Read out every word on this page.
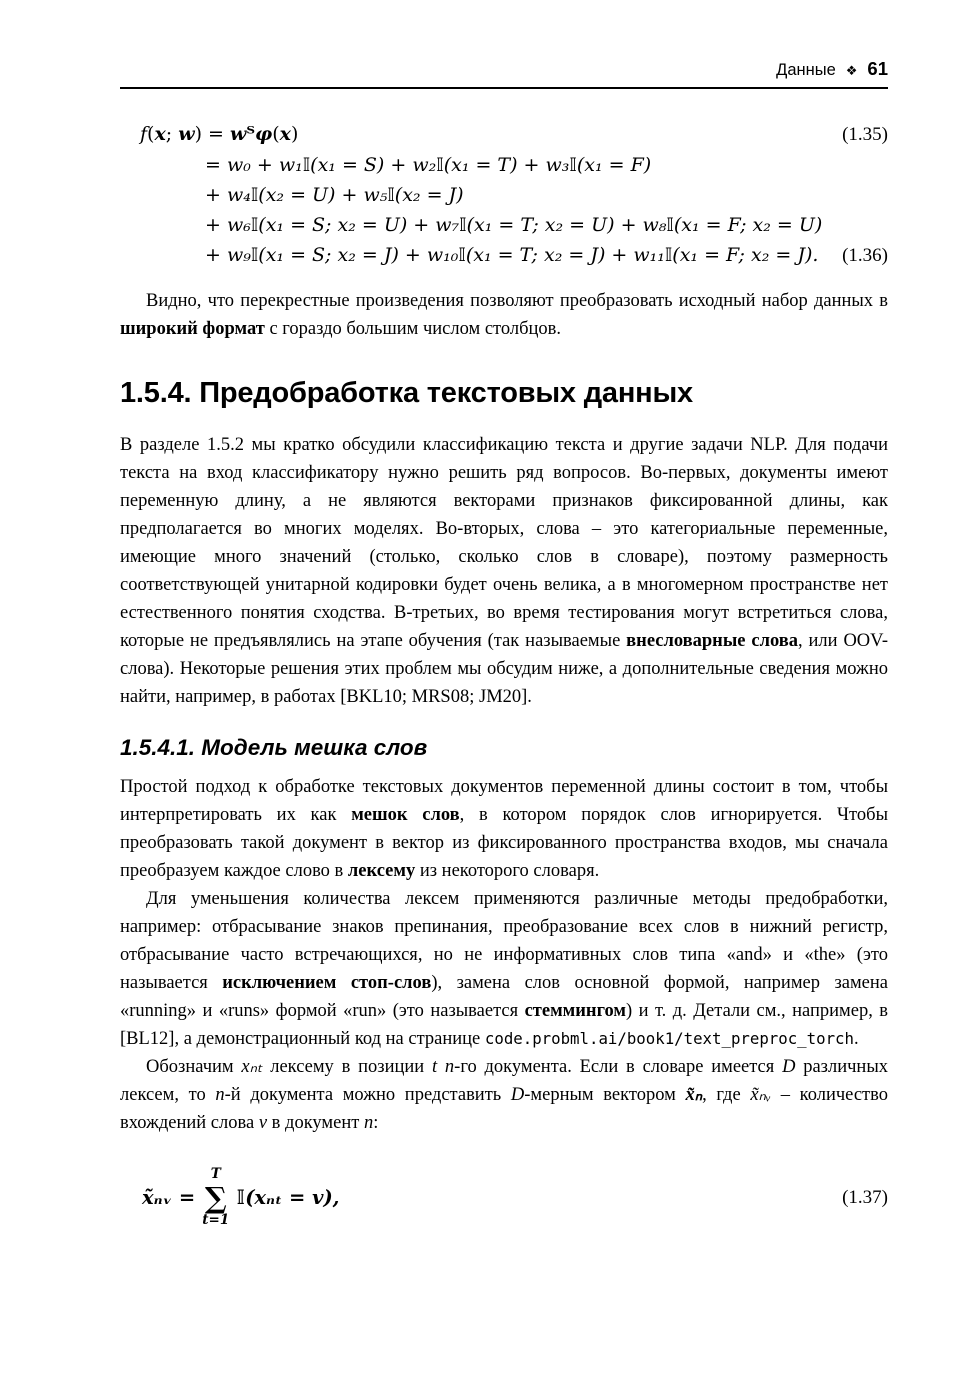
Данные ❖ 61
f(x; w) = wᵀφ(x)	(1.35)
= w₀ + w₁𝕀(x₁ = S) + w₂𝕀(x₁ = T) + w₃𝕀(x₁ = F)
+ w₄𝕀(x₂ = U) + w₅𝕀(x₂ = J)
+ w₆𝕀(x₁ = S; x₂ = U) + w₇𝕀(x₁ = T; x₂ = U) + w₈𝕀(x₁ = F; x₂ = U)
+ w₉𝕀(x₁ = S; x₂ = J) + w₁₀𝕀(x₁ = T; x₂ = J) + w₁₁𝕀(x₁ = F; x₂ = J).	(1.36)

Видно, что перекрестные произведения позволяют преобразовать исходный набор данных в широкий формат с гораздо большим числом столбцов.

1.5.4. Предобработка текстовых данных

В разделе 1.5.2 мы кратко обсудили классификацию текста и другие задачи NLP. Для подачи текста на вход классификатору нужно решить ряд вопросов. Во-первых, документы имеют переменную длину, а не являются векторами признаков фиксированной длины, как предполагается во многих моделях. Во-вторых, слова – это категориальные переменные, имеющие много значений (столько, сколько слов в словаре), поэтому размерность соответствующей унитарной кодировки будет очень велика, а в многомерном пространстве нет естественного понятия сходства. В-третьих, во время тестирования могут встретиться слова, которые не предъявлялись на этапе обучения (так называемые внесловарные слова, или OOV-слова). Некоторые решения этих проблем мы обсудим ниже, а дополнительные сведения можно найти, например, в работах [BKL10; MRS08; JM20].

1.5.4.1. Модель мешка слов

Простой подход к обработке текстовых документов переменной длины состоит в том, чтобы интерпретировать их как мешок слов, в котором порядок слов игнорируется. Чтобы преобразовать такой документ в вектор из фиксированного пространства входов, мы сначала преобразуем каждое слово в лексему из некоторого словаря.

Для уменьшения количества лексем применяются различные методы предобработки, например: отбрасывание знаков препинания, преобразование всех слов в нижний регистр, отбрасывание часто встречающихся, но не информативных слов типа «and» и «the» (это называется исключением стоп-слов), замена слов основной формой, например замена «running» и «runs» формой «run» (это называется стеммингом) и т. д. Детали см., например, в [BL12], а демонстрационный код на странице code.probml.ai/book1/text_preproc_torch.

Обозначим xₙₜ лексему в позиции t n-го документа. Если в словаре имеется D различных лексем, то n-й документа можно представить D-мерным вектором x̃ₙ, где x̃ₙᵥ – количество вхождений слова v в документ n:

x̃ₙᵥ =
T
∑
t=1
𝕀(xₙₜ = v),	(1.37)
